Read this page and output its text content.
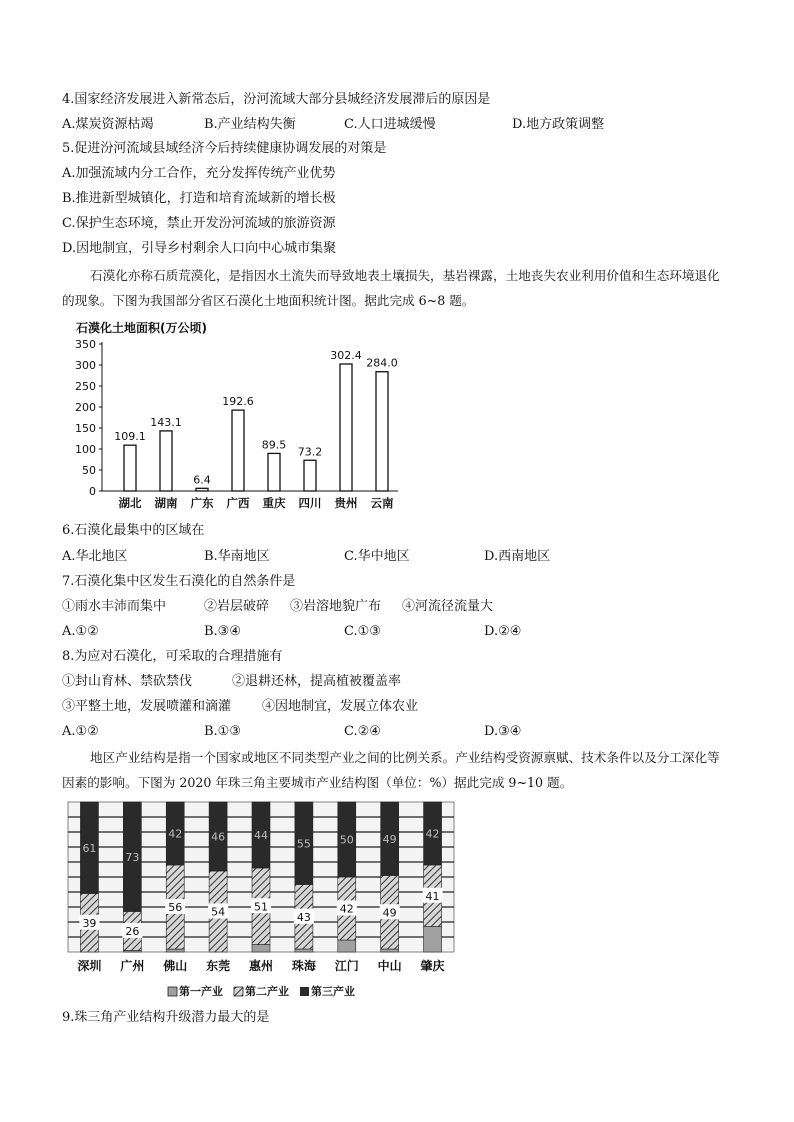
4.国家经济发展进入新常态后，汾河流域大部分县城经济发展滞后的原因是
A.煤炭资源枯竭	B.产业结构失衡	C.人口进城缓慢	D.地方政策调整
5.促进汾河流域县域经济今后持续健康协调发展的对策是
A.加强流域内分工合作，充分发挥传统产业优势
B.推进新型城镇化，打造和培育流域新的增长极
C.保护生态环境，禁止开发汾河流域的旅游资源
D.因地制宜，引导乡村剩余人口向中心城市集聚
石漠化亦称石质荒漠化，是指因水土流失而导致地表土壤损失，基岩裸露，土地丧失农业利用价值和生态环境退化的现象。下图为我国部分省区石漠化土地面积统计图。据此完成 6~8 题。
石漠化土地面积(万公顷)
0
50
100
150
200
250
300
350
109.1
湖北
143.1
湖南
6.4
广东
192.6
广西
89.5
重庆
73.2
四川
302.4
贵州
284.0
云南
6.石漠化最集中的区域在
A.华北地区	B.华南地区	C.华中地区	D.西南地区
7.石漠化集中区发生石漠化的自然条件是
①雨水丰沛而集中	②岩层破碎 ③岩溶地貌广布 ④河流径流量大
A.①②	B.③④	C.①③	D.②④
8.为应对石漠化，可采取的合理措施有
①封山育林、禁砍禁伐	②退耕还林，提高植被覆盖率
③平整土地，发展喷灌和滴灌 ④因地制宜，发展立体农业
A.①②	B.①③	C.②④	D.③④
地区产业结构是指一个国家或地区不同类型产业之间的比例关系。产业结构受资源禀赋、技术条件以及分工深化等因素的影响。下图为 2020 年珠三角主要城市产业结构图（单位：%）据此完成 9~10 题。
39
61
深圳
26
73
广州
56
42
佛山
54
46
东莞
51
44
惠州
43
55
珠海
42
50
江门
49
49
中山
41
42
肇庆
第一产业 第二产业 第三产业
9.珠三角产业结构升级潜力最大的是
